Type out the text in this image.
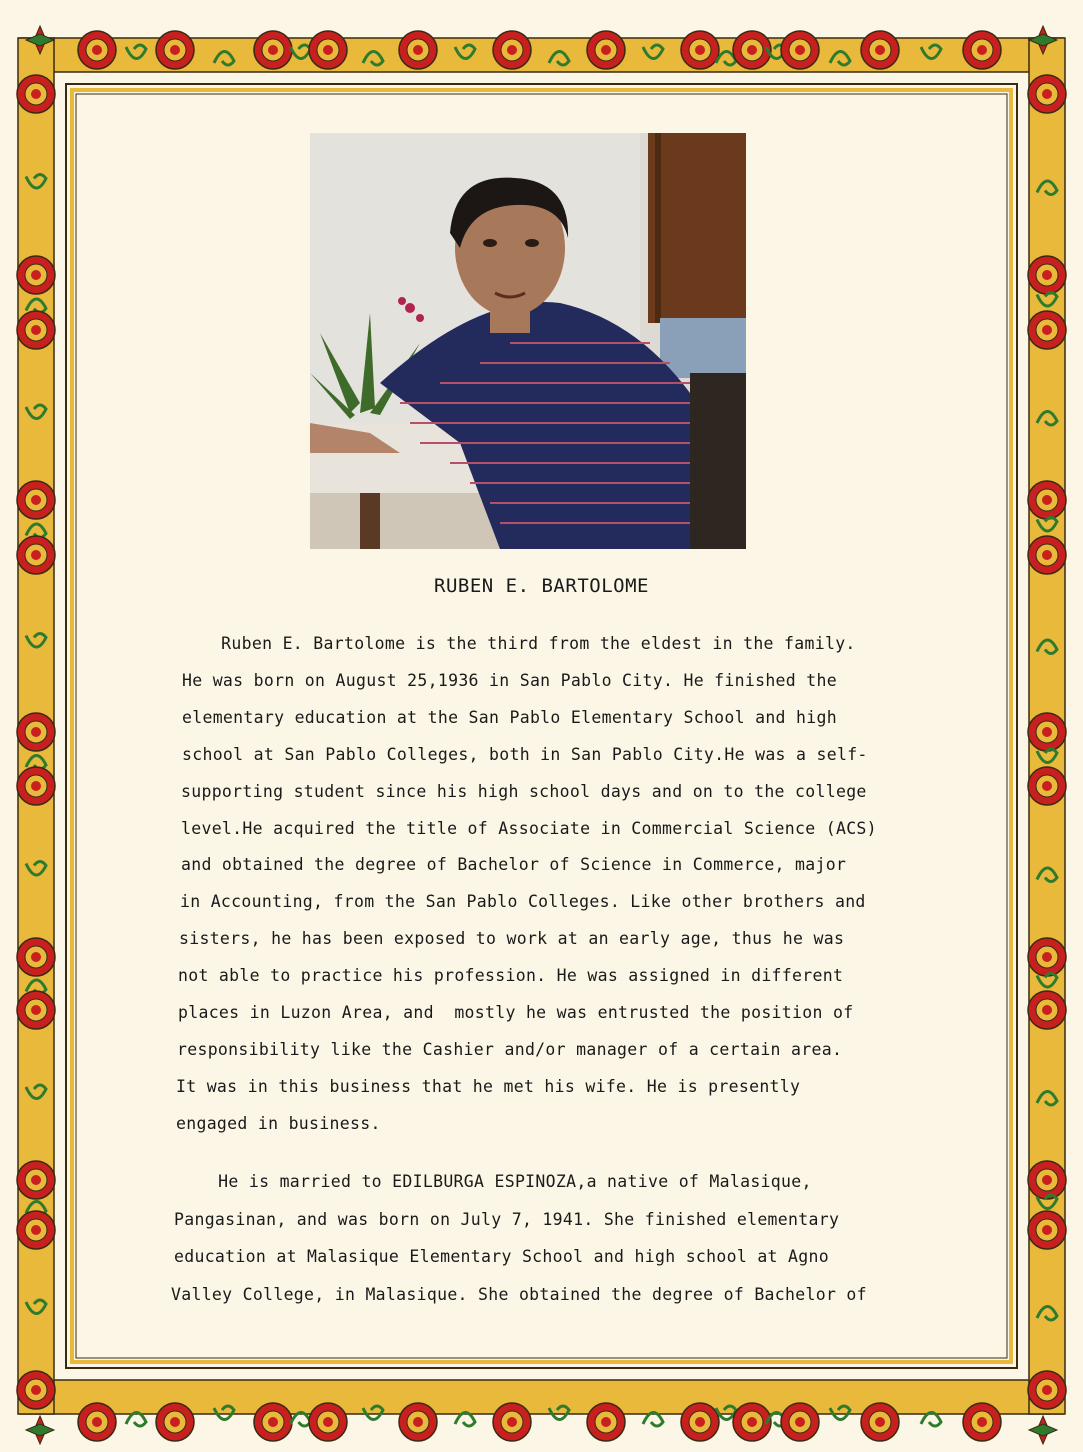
RUBEN E. BARTOLOME
Ruben E. Bartolome is the third from the eldest in the family.
He was born on August 25,1936 in San Pablo City. He finished the
elementary education at the San Pablo Elementary School and high
school at San Pablo Colleges, both in San Pablo City.He was a self-
supporting student since his high school days and on to the college
level.He acquired the title of Associate in Commercial Science (ACS)
and obtained the degree of Bachelor of Science in Commerce, major
in Accounting, from the San Pablo Colleges. Like other brothers and
sisters, he has been exposed to work at an early age, thus he was
not able to practice his profession. He was assigned in different
places in Luzon Area, and  mostly he was entrusted the position of
responsibility like the Cashier and/or manager of a certain area.
It was in this business that he met his wife. He is presently
engaged in business.
He is married to EDILBURGA ESPINOZA,a native of Malasique,
Pangasinan, and was born on July 7, 1941. She finished elementary
education at Malasique Elementary School and high school at Agno
Valley College, in Malasique. She obtained the degree of Bachelor of
